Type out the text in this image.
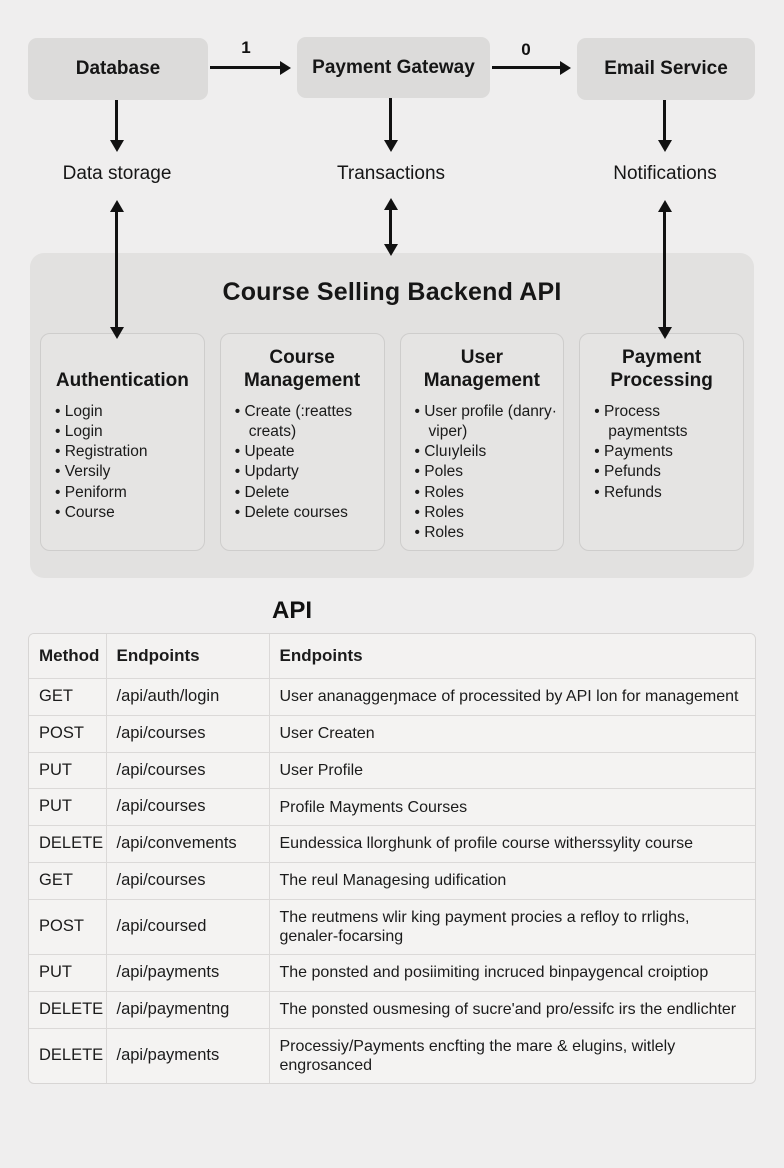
Database	Payment Gateway	Email Service
1	0
Data storage	Transactions	Notifications
Course Selling Backend API
Authentication
• Login
• Login
• Registration
• Versily
• Peniform
• Course
Course Management
• Create (:reattes creats)
• Upeate
• Updarty
• Delete
• Delete courses
User Management
• User profile (danry· viper)
• Cluıyleils
• Poles
• Roles
• Roles
• Roles
Payment Processing
• Process paymentsts
• Payments
• Pefunds
• Refunds
API
Method	Endpoints	Endpoints
GET	/api/auth/login	User ananaggeŋmace of processited by API lon for management
POST	/api/courses	User Createn
PUT	/api/courses	User Profile
PUT	/api/courses	Profile Mayments Courses
DELETE	/api/convements	Eundessica llorghunk of profile course witherssylity course
GET	/api/courses	The reul Managesing udification
POST	/api/coursed	The reutmens wlir king payment procies a refloy to rrlighs, genaler-focarsing
PUT	/api/payments	The ponsted and posiimiting incruced binpaygencal croiptiop
DELETE	/api/paymentng	The ponsted ousmesing of sucre'and pro/essifc irs the endlichter
DELETE	/api/payments	Processiy/Payments encfting the mare & elugins, witlely engrosanced
